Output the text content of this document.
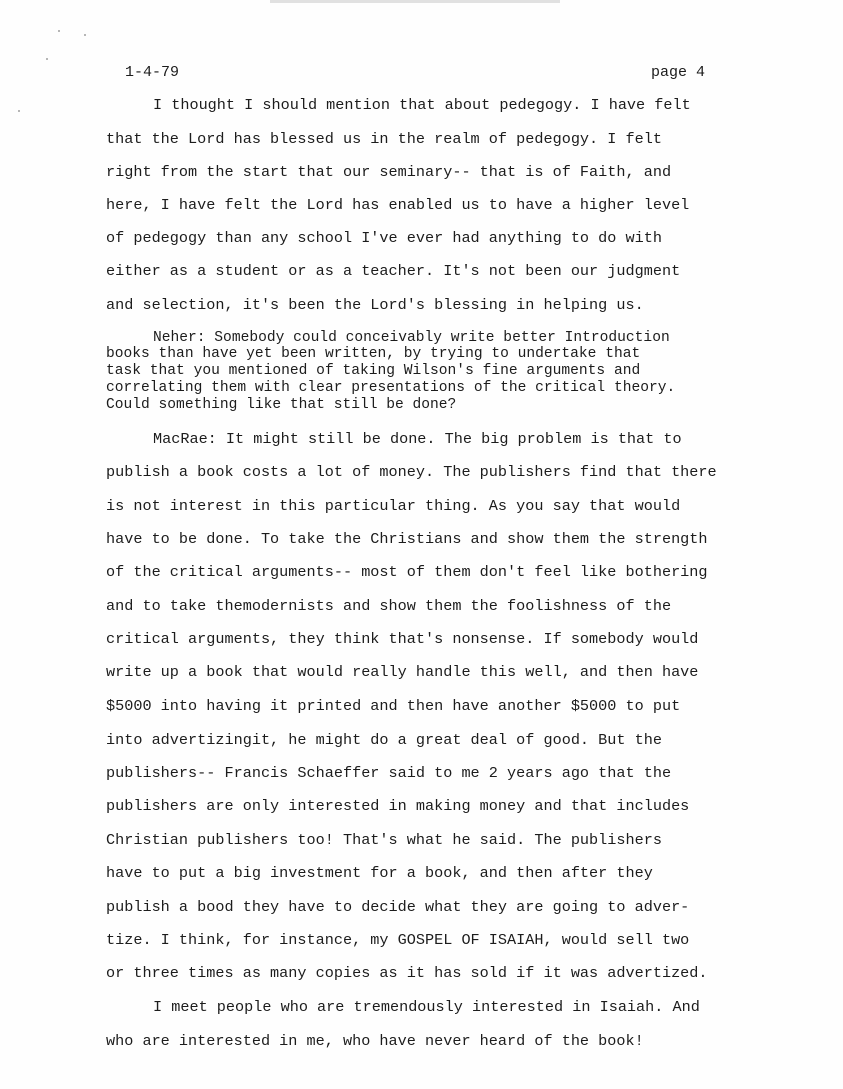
1-4-79	page 4
I thought I should mention that about pedegogy. I have felt
that the Lord has blessed us in the realm of pedegogy. I felt
right from the start that our seminary-- that is of Faith, and
here, I have felt the Lord has enabled us to have a higher level
of pedegogy than any school I've ever had anything to do with
either as a student or as a teacher. It's not been our judgment
and selection, it's been the Lord's blessing in helping us.
Neher: Somebody could conceivably write better Introduction
books than have yet been written, by trying to undertake that
task that you mentioned of taking Wilson's fine arguments and
correlating them with clear presentations of the critical theory.
Could something like that still be done?
MacRae: It might still be done. The big problem is that to
publish a book costs a lot of money. The publishers find that there
is not interest in this particular thing. As you say that would
have to be done. To take the Christians and show them the strength
of the critical arguments-- most of them don't feel like bothering
and to take themodernists and show them the foolishness of the
critical arguments, they think that's nonsense. If somebody would
write up a book that would really handle this well, and then have
$5000 into having it printed and then have another $5000 to put
into advertizingit, he might do a great deal of good. But the
publishers-- Francis Schaeffer said to me 2 years ago that the
publishers are only interested in making money and that includes
Christian publishers too! That's what he said. The publishers
have to put a big investment for a book, and then after they
publish a bood they have to decide what they are going to adver-
tize. I think, for instance, my GOSPEL OF ISAIAH, would sell two
or three times as many copies as it has sold if it was advertized.
I meet people who are tremendously interested in Isaiah. And
who are interested in me, who have never heard of the book!
